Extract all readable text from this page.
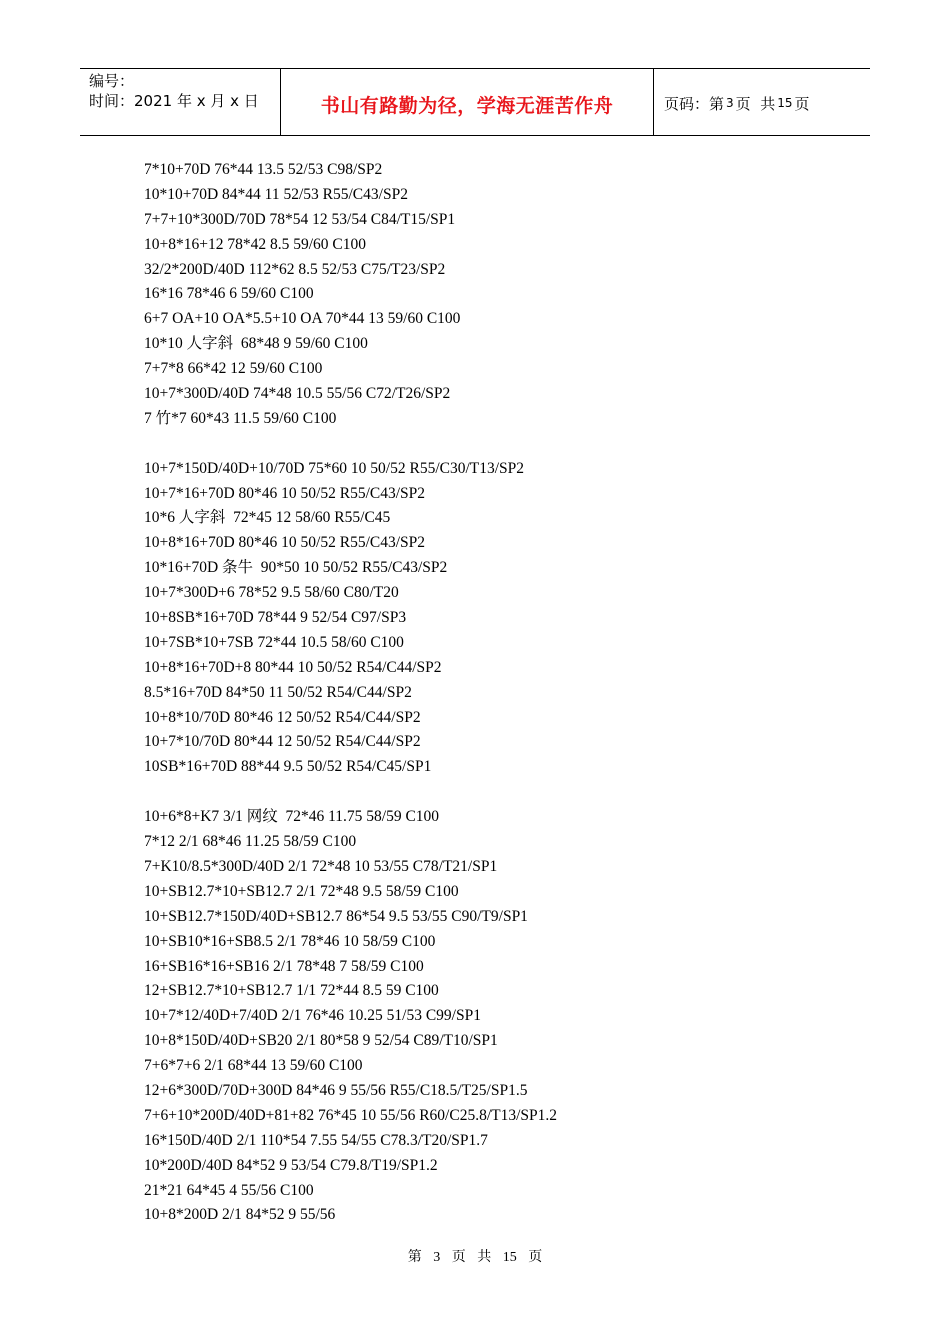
编号：
时间：2021 年 x 月 x 日	书山有路勤为径，学海无涯苦作舟	页码：第 3 页  共 15 页
7*10+70D 76*44 13.5 52/53 C98/SP2
10*10+70D 84*44 11 52/53 R55/C43/SP2
7+7+10*300D/70D 78*54 12 53/54 C84/T15/SP1
10+8*16+12 78*42 8.5 59/60 C100
32/2*200D/40D 112*62 8.5 52/53 C75/T23/SP2
16*16 78*46 6 59/60 C100
6+7 OA+10 OA*5.5+10 OA 70*44 13 59/60 C100
10*10 人字斜  68*48 9 59/60 C100
7+7*8 66*42 12 59/60 C100
10+7*300D/40D 74*48 10.5 55/56 C72/T26/SP2
7 竹*7 60*43 11.5 59/60 C100
10+7*150D/40D+10/70D 75*60 10 50/52 R55/C30/T13/SP2
10+7*16+70D 80*46 10 50/52 R55/C43/SP2
10*6 人字斜  72*45 12 58/60 R55/C45
10+8*16+70D 80*46 10 50/52 R55/C43/SP2
10*16+70D 条牛  90*50 10 50/52 R55/C43/SP2
10+7*300D+6 78*52 9.5 58/60 C80/T20
10+8SB*16+70D 78*44 9 52/54 C97/SP3
10+7SB*10+7SB 72*44 10.5 58/60 C100
10+8*16+70D+8 80*44 10 50/52 R54/C44/SP2
8.5*16+70D 84*50 11 50/52 R54/C44/SP2
10+8*10/70D 80*46 12 50/52 R54/C44/SP2
10+7*10/70D 80*44 12 50/52 R54/C44/SP2
10SB*16+70D 88*44 9.5 50/52 R54/C45/SP1
10+6*8+K7 3/1 网纹  72*46 11.75 58/59 C100
7*12 2/1 68*46 11.25 58/59 C100
7+K10/8.5*300D/40D 2/1 72*48 10 53/55 C78/T21/SP1
10+SB12.7*10+SB12.7 2/1 72*48 9.5 58/59 C100
10+SB12.7*150D/40D+SB12.7 86*54 9.5 53/55 C90/T9/SP1
10+SB10*16+SB8.5 2/1 78*46 10 58/59 C100
16+SB16*16+SB16 2/1 78*48 7 58/59 C100
12+SB12.7*10+SB12.7 1/1 72*44 8.5 59 C100
10+7*12/40D+7/40D 2/1 76*46 10.25 51/53 C99/SP1
10+8*150D/40D+SB20 2/1 80*58 9 52/54 C89/T10/SP1
7+6*7+6 2/1 68*44 13 59/60 C100
12+6*300D/70D+300D 84*46 9 55/56 R55/C18.5/T25/SP1.5
7+6+10*200D/40D+81+82 76*45 10 55/56 R60/C25.8/T13/SP1.2
16*150D/40D 2/1 110*54 7.55 54/55 C78.3/T20/SP1.7
10*200D/40D 84*52 9 53/54 C79.8/T19/SP1.2
21*21 64*45 4 55/56 C100
10+8*200D 2/1 84*52 9 55/56
第 3 页 共 15 页
